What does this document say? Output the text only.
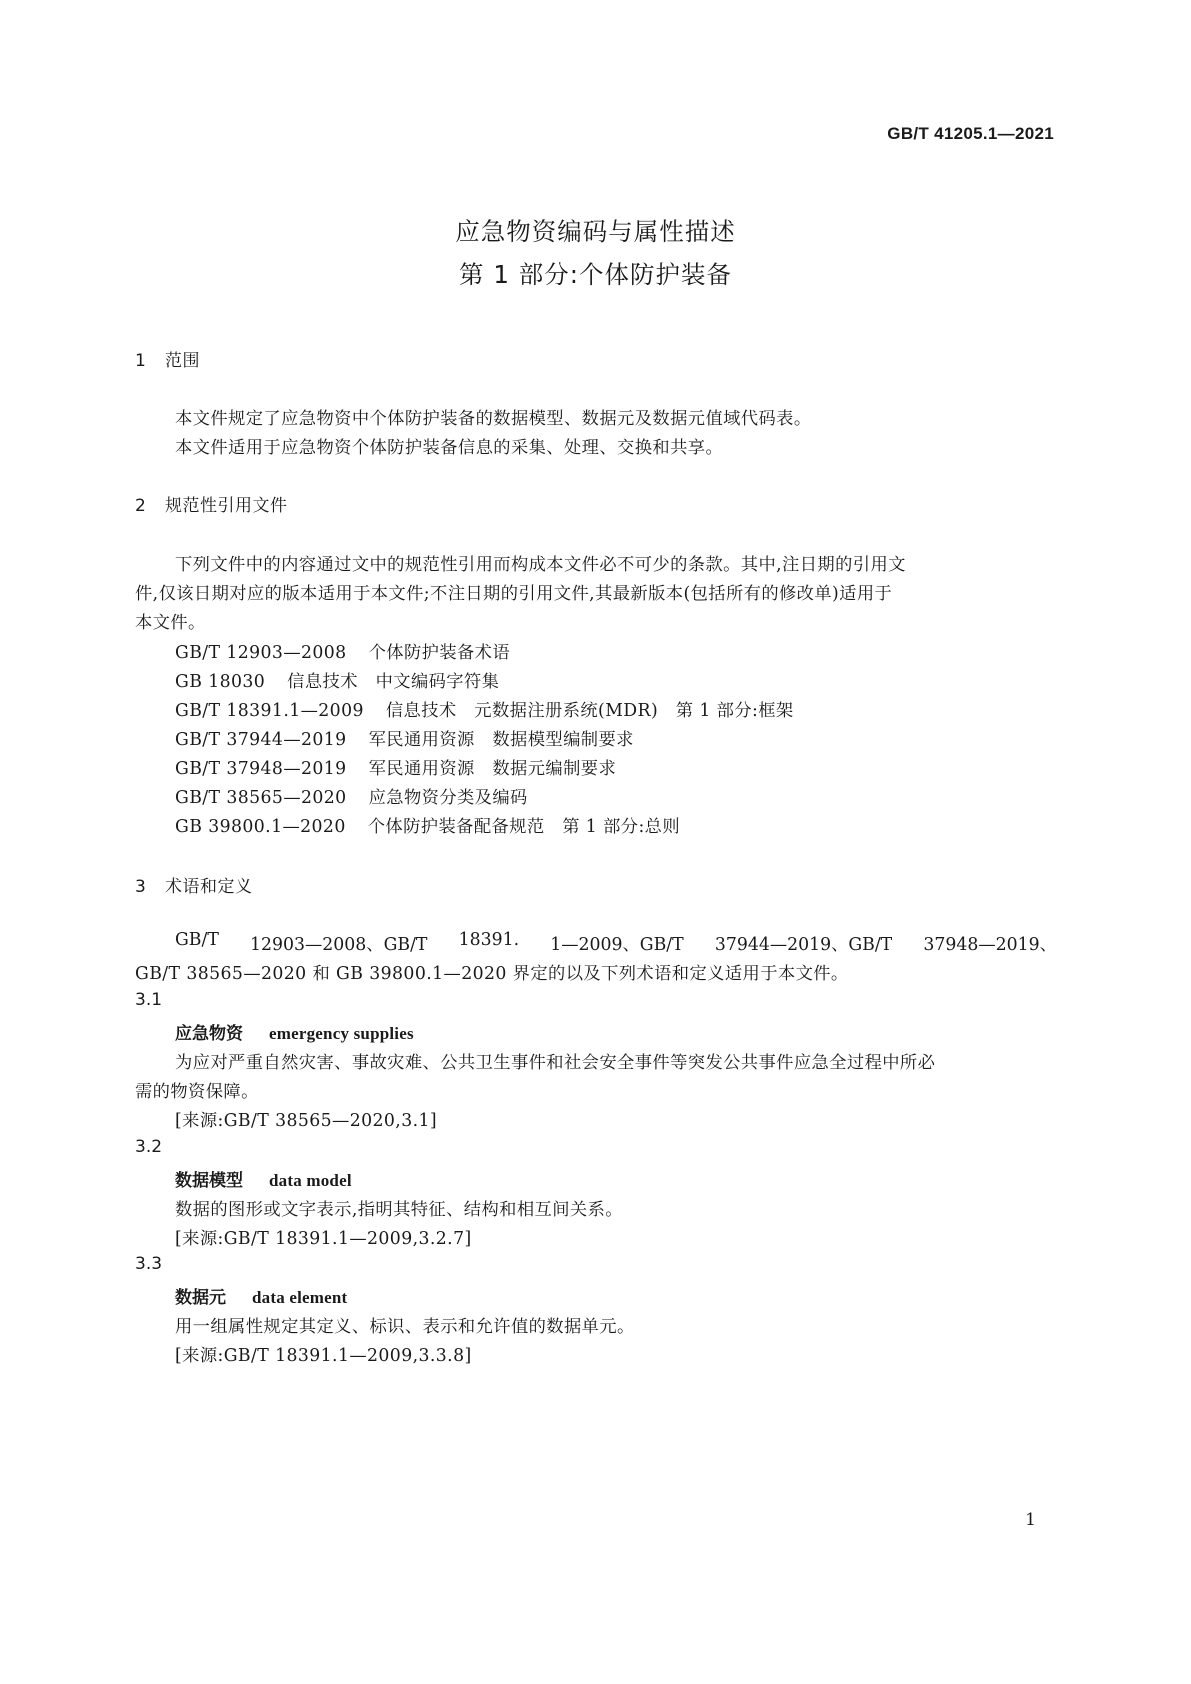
GB/T 41205.1—2021
应急物资编码与属性描述
第 1 部分:个体防护装备
1 范围
本文件规定了应急物资中个体防护装备的数据模型、数据元及数据元值域代码表。
本文件适用于应急物资个体防护装备信息的采集、处理、交换和共享。
2 规范性引用文件
下列文件中的内容通过文中的规范性引用而构成本文件必不可少的条款。其中,注日期的引用文
件,仅该日期对应的版本适用于本文件;不注日期的引用文件,其最新版本(包括所有的修改单)适用于
本文件。
GB/T 12903—2008 个体防护装备术语
GB 18030 信息技术　中文编码字符集
GB/T 18391.1—2009 信息技术　元数据注册系统(MDR)　第 1 部分:框架
GB/T 37944—2019 军民通用资源　数据模型编制要求
GB/T 37948—2019 军民通用资源　数据元编制要求
GB/T 38565—2020 应急物资分类及编码
GB 39800.1—2020 个体防护装备配备规范　第 1 部分:总则
3 术语和定义
GB/T 12903—2008、GB/T 18391. 1—2009、GB/T 37944—2019、GB/T 37948—2019、
GB/T 38565—2020 和 GB 39800.1—2020 界定的以及下列术语和定义适用于本文件。
3.1
应急物资 emergency supplies
为应对严重自然灾害、事故灾难、公共卫生事件和社会安全事件等突发公共事件应急全过程中所必
需的物资保障。
[来源:GB/T 38565—2020,3.1]
3.2
数据模型 data model
数据的图形或文字表示,指明其特征、结构和相互间关系。
[来源:GB/T 18391.1—2009,3.2.7]
3.3
数据元 data element
用一组属性规定其定义、标识、表示和允许值的数据单元。
[来源:GB/T 18391.1—2009,3.3.8]
1
